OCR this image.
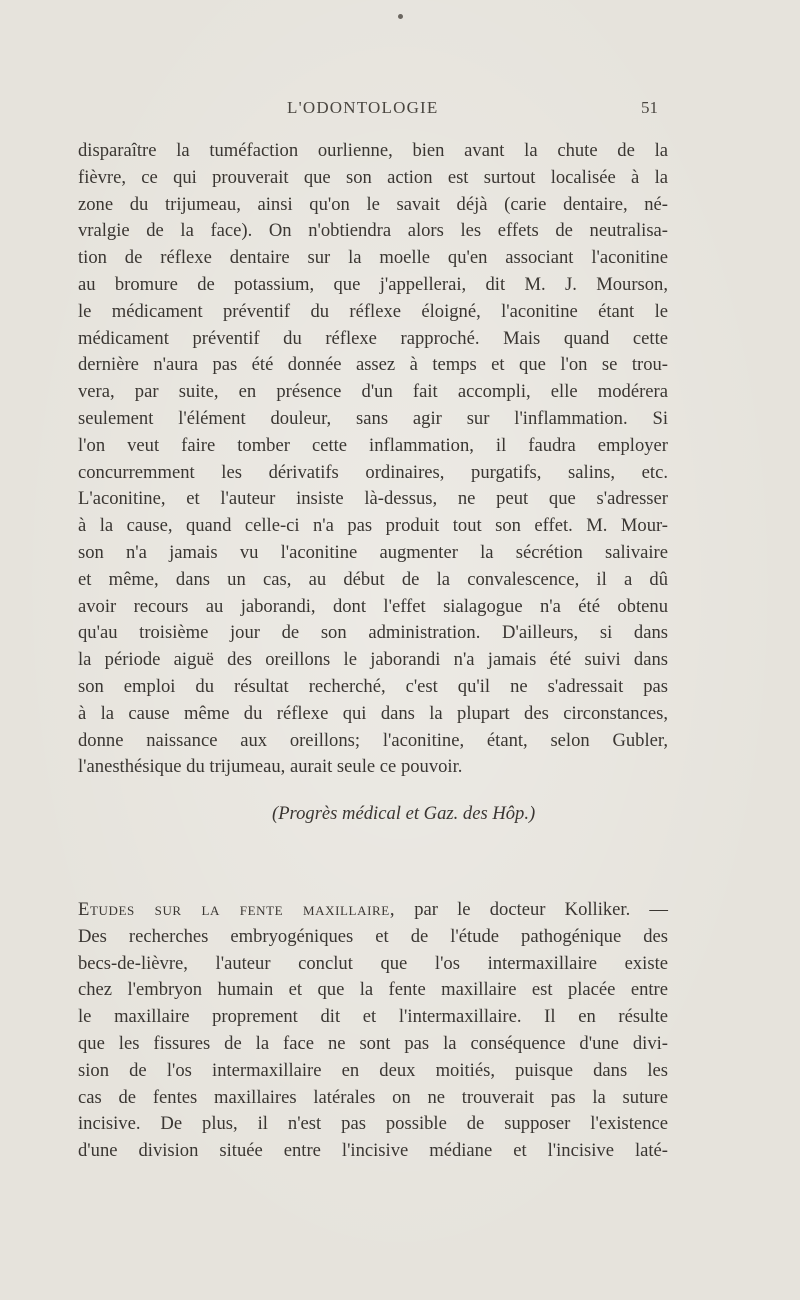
L'ODONTOLOGIE	51
disparaître la tuméfaction ourlienne, bien avant la chute de la
fièvre, ce qui prouverait que son action est surtout localisée à la
zone du trijumeau, ainsi qu'on le savait déjà (carie dentaire, né-
vralgie de la face). On n'obtiendra alors les effets de neutralisa-
tion de réflexe dentaire sur la moelle qu'en associant l'aconitine
au bromure de potassium, que j'appellerai, dit M. J. Mourson,
le médicament préventif du réflexe éloigné, l'aconitine étant le
médicament préventif du réflexe rapproché. Mais quand cette
dernière n'aura pas été donnée assez à temps et que l'on se trou-
vera, par suite, en présence d'un fait accompli, elle modérera
seulement l'élément douleur, sans agir sur l'inflammation. Si
l'on veut faire tomber cette inflammation, il faudra employer
concurremment les dérivatifs ordinaires, purgatifs, salins, etc.
L'aconitine, et l'auteur insiste là-dessus, ne peut que s'adresser
à la cause, quand celle-ci n'a pas produit tout son effet. M. Mour-
son n'a jamais vu l'aconitine augmenter la sécrétion salivaire
et même, dans un cas, au début de la convalescence, il a dû
avoir recours au jaborandi, dont l'effet sialagogue n'a été obtenu
qu'au troisième jour de son administration. D'ailleurs, si dans
la période aiguë des oreillons le jaborandi n'a jamais été suivi dans
son emploi du résultat recherché, c'est qu'il ne s'adressait pas
à la cause même du réflexe qui dans la plupart des circonstances,
donne naissance aux oreillons; l'aconitine, étant, selon Gubler,
l'anesthésique du trijumeau, aurait seule ce pouvoir.
(Progrès médical et Gaz. des Hôp.)
Etudes sur la fente maxillaire, par le docteur Kolliker. —
Des recherches embryogéniques et de l'étude pathogénique des
becs-de-lièvre, l'auteur conclut que l'os intermaxillaire existe
chez l'embryon humain et que la fente maxillaire est placée entre
le maxillaire proprement dit et l'intermaxillaire. Il en résulte
que les fissures de la face ne sont pas la conséquence d'une divi-
sion de l'os intermaxillaire en deux moitiés, puisque dans les
cas de fentes maxillaires latérales on ne trouverait pas la suture
incisive. De plus, il n'est pas possible de supposer l'existence
d'une division située entre l'incisive médiane et l'incisive laté-
